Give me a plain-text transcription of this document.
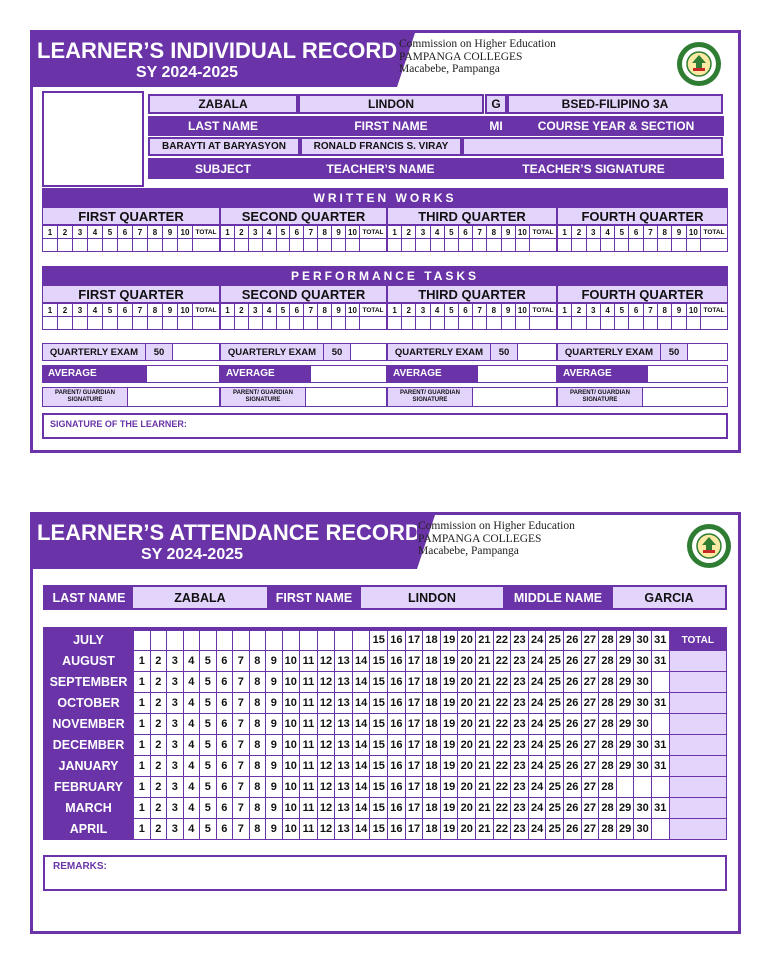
LEARNER’S INDIVIDUAL RECORD
SY 2024-2025
Commission on Higher Education
PAMPANGA COLLEGES
Macabebe, Pampanga
ZABALA	LINDON	G	BSED-FILIPINO 3A
LAST NAME	FIRST NAME	MI	COURSE YEAR & SECTION
BARAYTI AT BARYASYON	RONALD FRANCIS S. VIRAY
SUBJECT	TEACHER’S NAME	TEACHER’S SIGNATURE
WRITTEN WORKS
FIRST QUARTER
1	2	3	4	5	6	7	8	9	10	TOTAL

SECOND QUARTER
1	2	3	4	5	6	7	8	9	10	TOTAL

THIRD QUARTER
1	2	3	4	5	6	7	8	9	10	TOTAL

FOURTH QUARTER
1	2	3	4	5	6	7	8	9	10	TOTAL

PERFORMANCE TASKS
FIRST QUARTER
1	2	3	4	5	6	7	8	9	10	TOTAL

SECOND QUARTER
1	2	3	4	5	6	7	8	9	10	TOTAL

THIRD QUARTER
1	2	3	4	5	6	7	8	9	10	TOTAL

FOURTH QUARTER
1	2	3	4	5	6	7	8	9	10	TOTAL

QUARTERLY EXAM	50	QUARTERLY EXAM	50	QUARTERLY EXAM	50	QUARTERLY EXAM	50
AVERAGE	AVERAGE	AVERAGE	AVERAGE
PARENT/ GUARDIAN SIGNATURE
PARENT/ GUARDIAN SIGNATURE
PARENT/ GUARDIAN SIGNATURE
PARENT/ GUARDIAN SIGNATURE
SIGNATURE OF THE LEARNER:
LEARNER’S ATTENDANCE RECORD
SY 2024-2025
Commission on Higher Education
PAMPANGA COLLEGES
Macabebe, Pampanga
LAST NAME	ZABALA	FIRST NAME	LINDON	MIDDLE NAME	GARCIA
JULY															15	16	17	18	19	20	21	22	23	24	25	26	27	28	29	30	31	TOTAL
AUGUST	1	2	3	4	5	6	7	8	9	10	11	12	13	14	15	16	17	18	19	20	21	22	23	24	25	26	27	28	29	30	31	
SEPTEMBER	1	2	3	4	5	6	7	8	9	10	11	12	13	14	15	16	17	18	19	20	21	22	23	24	25	26	27	28	29	30		
OCTOBER	1	2	3	4	5	6	7	8	9	10	11	12	13	14	15	16	17	18	19	20	21	22	23	24	25	26	27	28	29	30	31	
NOVEMBER	1	2	3	4	5	6	7	8	9	10	11	12	13	14	15	16	17	18	19	20	21	22	23	24	25	26	27	28	29	30		
DECEMBER	1	2	3	4	5	6	7	8	9	10	11	12	13	14	15	16	17	18	19	20	21	22	23	24	25	26	27	28	29	30	31	
JANUARY	1	2	3	4	5	6	7	8	9	10	11	12	13	14	15	16	17	18	19	20	21	22	23	24	25	26	27	28	29	30	31	
FEBRUARY	1	2	3	4	5	6	7	8	9	10	11	12	13	14	15	16	17	18	19	20	21	22	23	24	25	26	27	28				
MARCH	1	2	3	4	5	6	7	8	9	10	11	12	13	14	15	16	17	18	19	20	21	22	23	24	25	26	27	28	29	30	31	
APRIL	1	2	3	4	5	6	7	8	9	10	11	12	13	14	15	16	17	18	19	20	21	22	23	24	25	26	27	28	29	30		
REMARKS:
